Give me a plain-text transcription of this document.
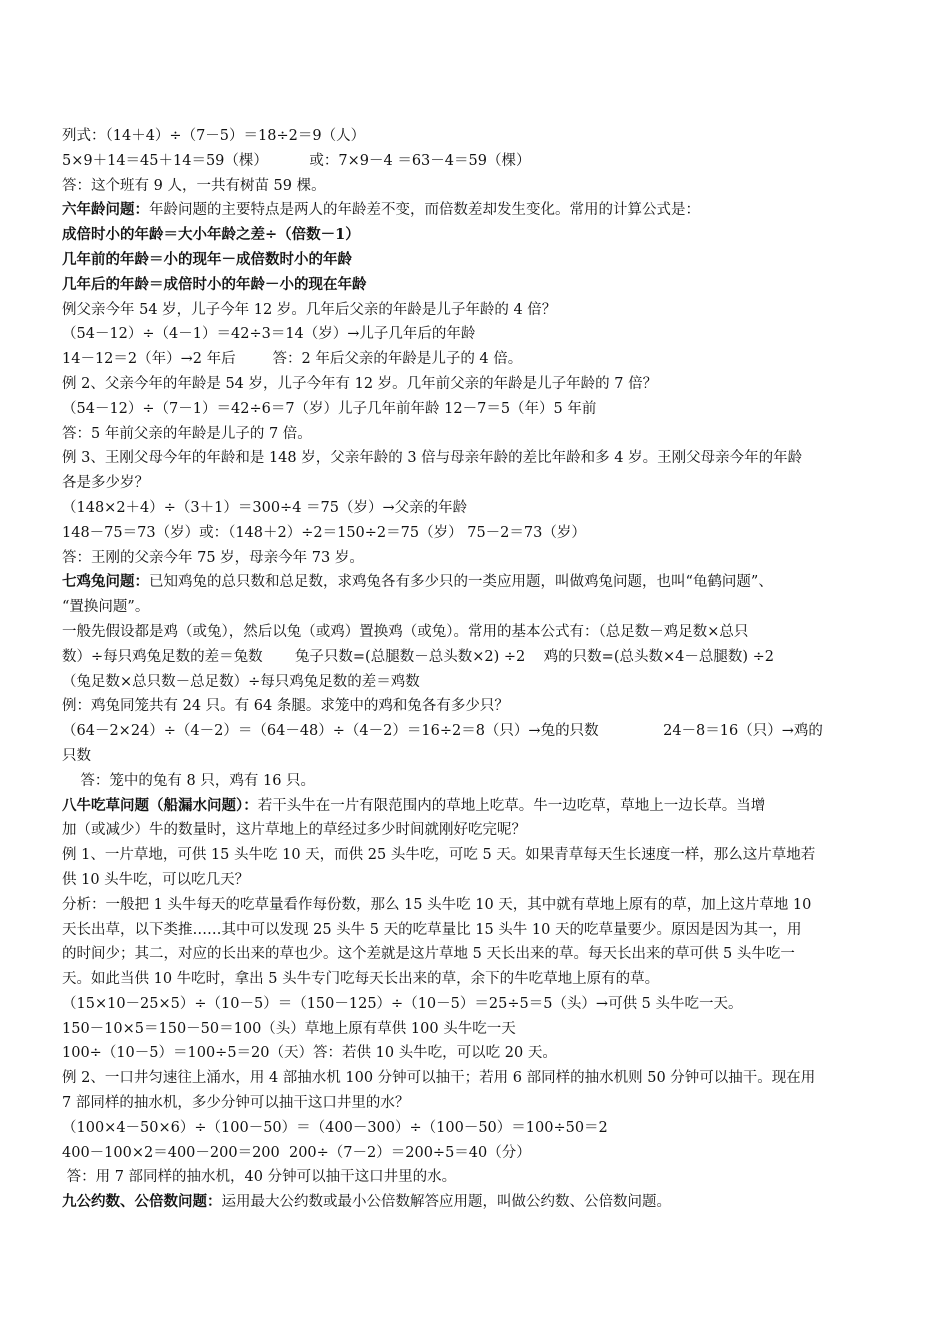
列式：（14＋4）÷（7－5）＝18÷2＝9（人）
5×9＋14＝45＋14＝59（棵）         或：7×9－4 ＝63－4＝59（棵）
答：这个班有 9 人，一共有树苗 59 棵。
六年龄问题：年龄问题的主要特点是两人的年龄差不变，而倍数差却发生变化。常用的计算公式是：
成倍时小的年龄＝大小年龄之差÷（倍数－1）
几年前的年龄＝小的现年－成倍数时小的年龄
几年后的年龄＝成倍时小的年龄－小的现在年龄
例父亲今年 54 岁，儿子今年 12 岁。几年后父亲的年龄是儿子年龄的 4 倍？
（54－12）÷（4－1）＝42÷3＝14（岁）→儿子几年后的年龄
14－12＝2（年）→2 年后        答：2 年后父亲的年龄是儿子的 4 倍。
例 2、父亲今年的年龄是 54 岁，儿子今年有 12 岁。几年前父亲的年龄是儿子年龄的 7 倍？
（54－12）÷（7－1）＝42÷6＝7（岁）儿子几年前年龄 12－7＝5（年）5 年前
答：5 年前父亲的年龄是儿子的 7 倍。
例 3、王刚父母今年的年龄和是 148 岁，父亲年龄的 3 倍与母亲年龄的差比年龄和多 4 岁。王刚父母亲今年的年龄
各是多少岁？
（148×2＋4）÷（3＋1）＝300÷4 ＝75（岁）→父亲的年龄
148－75＝73（岁）或：（148＋2）÷2＝150÷2＝75（岁） 75－2＝73（岁）
答：王刚的父亲今年 75 岁，母亲今年 73 岁。
七鸡兔问题：已知鸡兔的总只数和总足数，求鸡兔各有多少只的一类应用题，叫做鸡兔问题，也叫“龟鹤问题”、
“置换问题”。
一般先假设都是鸡（或兔），然后以兔（或鸡）置换鸡（或兔）。常用的基本公式有：（总足数－鸡足数×总只
数）÷每只鸡兔足数的差＝兔数       兔子只数=(总腿数－总头数×2) ÷2    鸡的只数=(总头数×4－总腿数) ÷2
（兔足数×总只数－总足数）÷每只鸡兔足数的差＝鸡数
例：鸡兔同笼共有 24 只。有 64 条腿。求笼中的鸡和兔各有多少只？
（64－2×24）÷（4－2）＝（64－48）÷（4－2）＝16÷2＝8（只）→兔的只数              24－8＝16（只）→鸡的
只数
答：笼中的兔有 8 只，鸡有 16 只。
八牛吃草问题（船漏水问题）：若干头牛在一片有限范围内的草地上吃草。牛一边吃草，草地上一边长草。当增
加（或减少）牛的数量时，这片草地上的草经过多少时间就刚好吃完呢？
例 1、一片草地，可供 15 头牛吃 10 天，而供 25 头牛吃，可吃 5 天。如果青草每天生长速度一样，那么这片草地若
供 10 头牛吃，可以吃几天？
分析：一般把 1 头牛每天的吃草量看作每份数，那么 15 头牛吃 10 天，其中就有草地上原有的草，加上这片草地 10
天长出草，以下类推……其中可以发现 25 头牛 5 天的吃草量比 15 头牛 10 天的吃草量要少。原因是因为其一，用
的时间少；其二，对应的长出来的草也少。这个差就是这片草地 5 天长出来的草。每天长出来的草可供 5 头牛吃一
天。如此当供 10 牛吃时，拿出 5 头牛专门吃每天长出来的草，余下的牛吃草地上原有的草。
（15×10－25×5）÷（10－5）＝（150－125）÷（10－5）＝25÷5＝5（头）→可供 5 头牛吃一天。
150－10×5＝150－50＝100（头）草地上原有草供 100 头牛吃一天
100÷（10－5）＝100÷5＝20（天）答：若供 10 头牛吃，可以吃 20 天。
例 2、一口井匀速往上涌水，用 4 部抽水机 100 分钟可以抽干；若用 6 部同样的抽水机则 50 分钟可以抽干。现在用
7 部同样的抽水机，多少分钟可以抽干这口井里的水？
（100×4－50×6）÷（100－50）＝（400－300）÷（100－50）＝100÷50＝2
400－100×2＝400－200＝200  200÷（7－2）＝200÷5＝40（分）
答：用 7 部同样的抽水机，40 分钟可以抽干这口井里的水。
九公约数、公倍数问题：运用最大公约数或最小公倍数解答应用题，叫做公约数、公倍数问题。
